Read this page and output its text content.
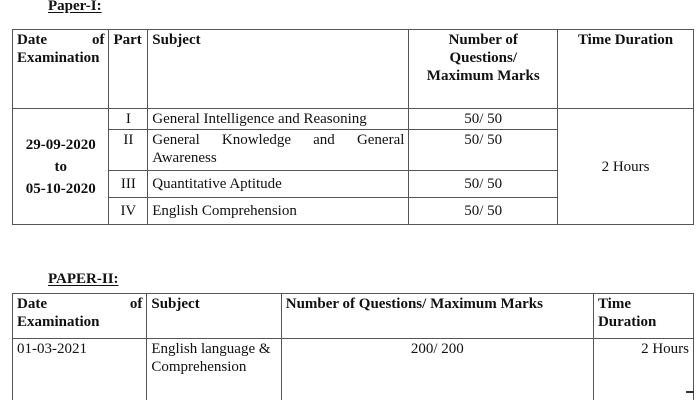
Paper-I:
Date of
Examination	Part	Subject	Number of Questions/ Maximum Marks	Time Duration

29-09-2020
to
05-10-2020	I	General Intelligence and Reasoning	50/ 50	2 Hours
	II	General Knowledge and General Awareness	50/ 50	
	III	Quantitative Aptitude	50/ 50	
	IV	English Comprehension	50/ 50	
PAPER-II:
Date of
Examination	Subject	Number of Questions/ Maximum Marks	Time Duration
01-03-2021	English language & Comprehension	200/ 200	2 Hours
